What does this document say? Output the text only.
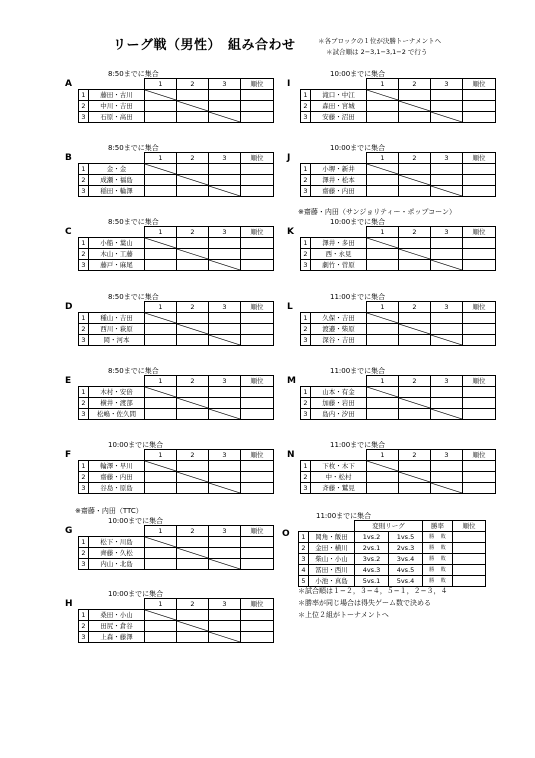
リーグ戦（男性）　組み合わせ	＊各ブロックの１位が決勝トーナメントへ
＊試合順は 2−3,1−3,1−2 で行う
A
8:50までに集合
		1	2	3	順位
1	藤田・古川	

2	中川・吉田		

3	石原・高田			

B
8:50までに集合
		1	2	3	順位
1	金・金	

2	成瀬・福島		

3	稲田・輪澤			

C
8:50までに集合
		1	2	3	順位
1	小船・葉山	

2	木山・工藤		

3	藤戸・麻尾			

D
8:50までに集合
		1	2	3	順位
1	種山・吉田	

2	西川・萩原		

3	岡・河本			

E
8:50までに集合
		1	2	3	順位
1	木村・安倍	

2	横井・渡部		

3	松嶋・佐久間			

F
10:00までに集合
		1	2	3	順位
1	輪澤・早川	

2	齋藤・内田		

3	谷島・原島			

G
10:00までに集合
		1	2	3	順位
1	松下・川島	

2	齊藤・久松		

3	内山・北島			

※齋藤・内田（TTC）
H
10:00までに集合
		1	2	3	順位
1	桑田・小山	

2	田尻・倉谷		

3	上森・藤澤			

I
10:00までに集合
		1	2	3	順位
1	滝口・中江	

2	森田・宮城		

3	安藤・沼田			

J
10:00までに集合
		1	2	3	順位
1	小堺・新井	

2	澤井・松本		

3	齋藤・内田			

K
10:00までに集合
		1	2	3	順位
1	澤井・多田	

2	西・永見		

3	劇竹・菅原			

※齋藤・内田（サンジョリティー・ポップコーン）
L
11:00までに集合
		1	2	3	順位
1	久保・吉田	

2	渡邉・柴原		

3	深谷・吉田			

M
11:00までに集合
		1	2	3	順位
1	山本・有金	

2	加藤・岩田		

3	島内・汐田			

N
11:00までに集合
		1	2	3	順位
1	下枚・木下	

2	中・松村		

3	斉藤・鷲見			

O
11:00までに集合
		変則リーグ		勝率	順位
1	岡角・飯田	1vs.2	1vs.5	勝　 敗	
2	金田・横川	2vs.1	2vs.3	勝　 敗	
3	柴山・小山	3vs.2	3vs.4	勝　 敗	
4	冨田・西川	4vs.3	4vs.5	勝　 敗	
5	小池・真島	5vs.1	5vs.4	勝　 敗	
＊試合順は１−２，３−４，５−１，２−３，４
＊勝率が同じ場合は得失ゲーム数で決める
＊上位２組がトーナメントへ
